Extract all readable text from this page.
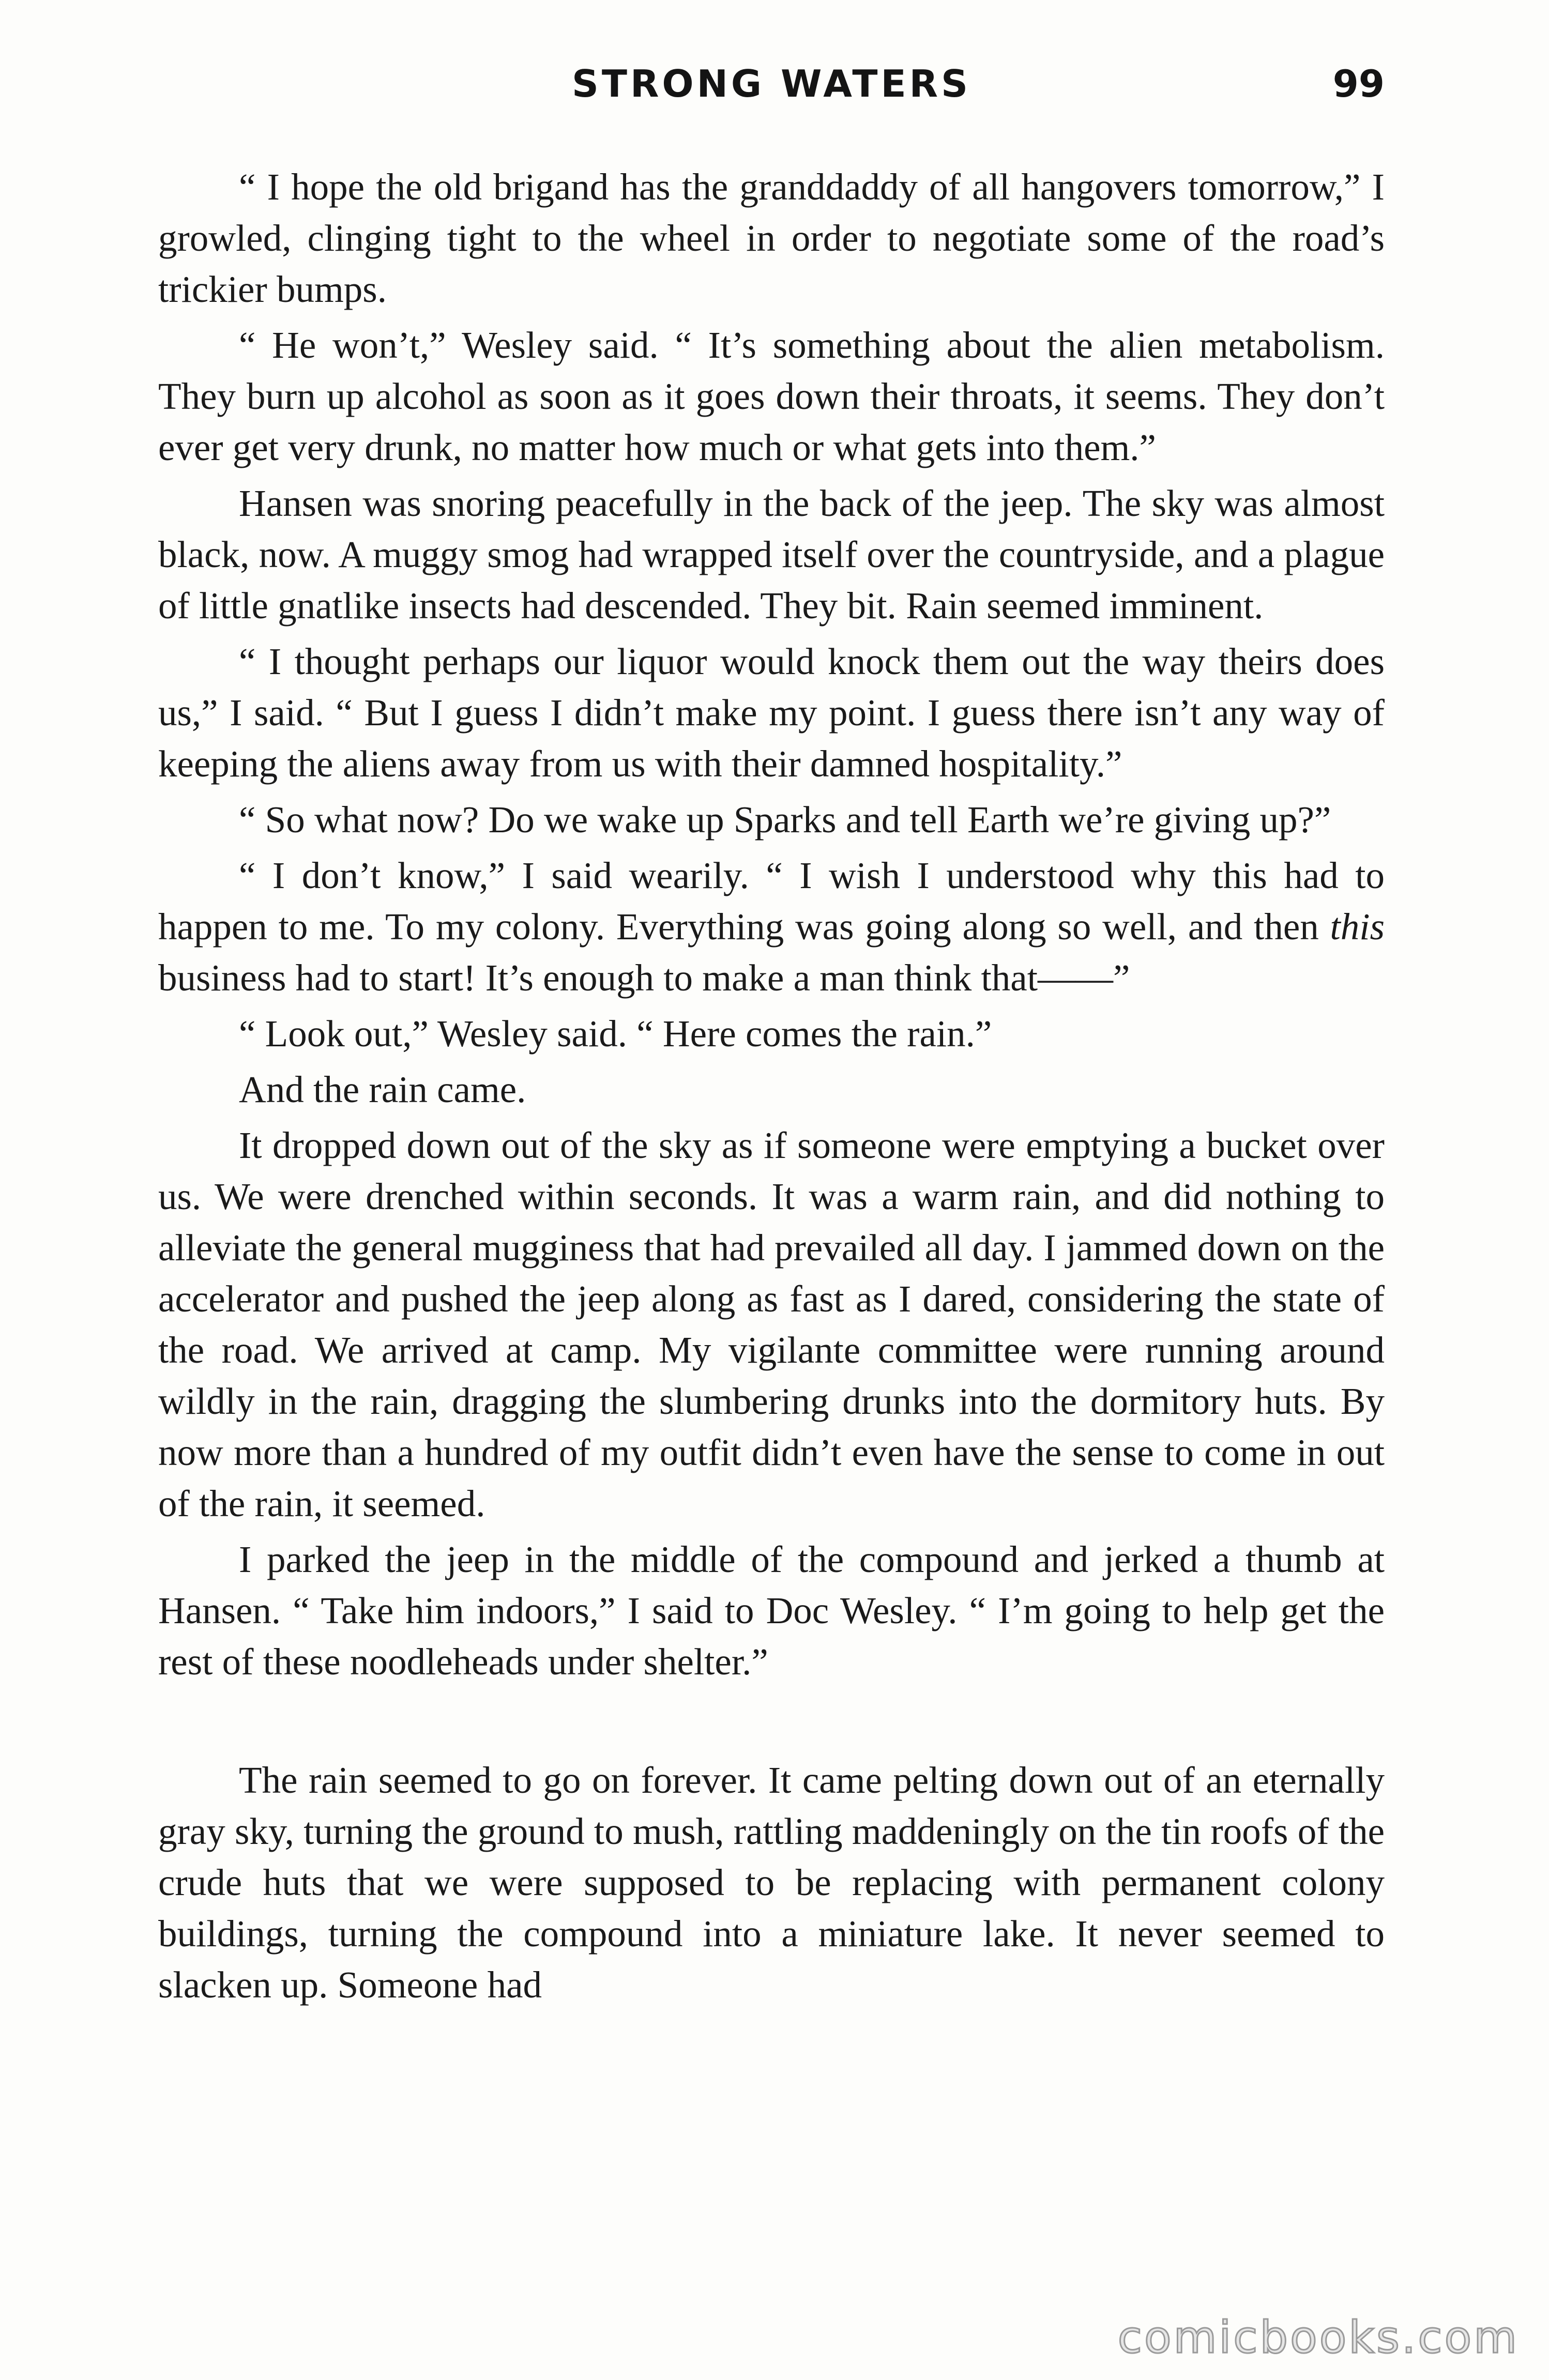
STRONG WATERS	99

“ I hope the old brigand has the granddaddy of all hangovers tomorrow,” I growled, clinging tight to the wheel in order to negotiate some of the road’s trickier bumps.

“ He won’t,” Wesley said. “ It’s something about the alien metabolism. They burn up alcohol as soon as it goes down their throats, it seems. They don’t ever get very drunk, no matter how much or what gets into them.”

Hansen was snoring peacefully in the back of the jeep. The sky was almost black, now. A muggy smog had wrapped itself over the countryside, and a plague of little gnatlike insects had descended. They bit. Rain seemed imminent.

“ I thought perhaps our liquor would knock them out the way theirs does us,” I said. “ But I guess I didn’t make my point. I guess there isn’t any way of keeping the aliens away from us with their damned hospitality.”

“ So what now? Do we wake up Sparks and tell Earth we’re giving up?”

“ I don’t know,” I said wearily. “ I wish I understood why this had to happen to me. To my colony. Everything was going along so well, and then this business had to start! It’s enough to make a man think that——”

“ Look out,” Wesley said. “ Here comes the rain.”

And the rain came.

It dropped down out of the sky as if someone were emptying a bucket over us. We were drenched within seconds. It was a warm rain, and did nothing to alleviate the general mugginess that had prevailed all day. I jammed down on the accelerator and pushed the jeep along as fast as I dared, considering the state of the road. We arrived at camp. My vigilante committee were running around wildly in the rain, dragging the slumbering drunks into the dormitory huts. By now more than a hundred of my outfit didn’t even have the sense to come in out of the rain, it seemed.

I parked the jeep in the middle of the compound and jerked a thumb at Hansen. “ Take him indoors,” I said to Doc Wesley. “ I’m going to help get the rest of these noodleheads under shelter.”

The rain seemed to go on forever. It came pelting down out of an eternally gray sky, turning the ground to mush, rattling maddeningly on the tin roofs of the crude huts that we were supposed to be replacing with permanent colony buildings, turning the compound into a miniature lake. It never seemed to slacken up. Someone had

comicbooks.com
